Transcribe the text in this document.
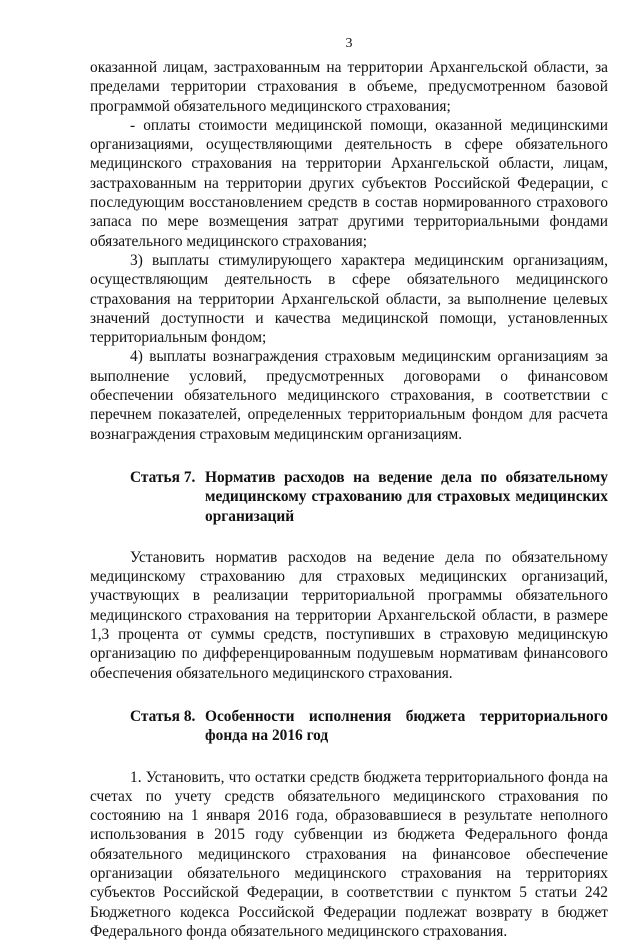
3

оказанной лицам, застрахованным на территории Архангельской области, за пределами территории страхования в объеме, предусмотренном базовой программой обязательного медицинского страхования;

- оплаты стоимости медицинской помощи, оказанной медицинскими организациями, осуществляющими деятельность в сфере обязательного медицинского страхования на территории Архангельской области, лицам, застрахованным на территории других субъектов Российской Федерации, с последующим восстановлением средств в состав нормированного страхового запаса по мере возмещения затрат другими территориальными фондами обязательного медицинского страхования;

3) выплаты стимулирующего характера медицинским организациям, осуществляющим деятельность в сфере обязательного медицинского страхования на территории Архангельской области, за выполнение целевых значений доступности и качества медицинской помощи, установленных территориальным фондом;

4) выплаты вознаграждения страховым медицинским организациям за выполнение условий, предусмотренных договорами о финансовом обеспечении обязательного медицинского страхования, в соответствии с перечнем показателей, определенных территориальным фондом для расчета вознаграждения страховым медицинским организациям.

Статья 7. Норматив расходов на ведение дела по обязательному медицинскому страхованию для страховых медицинских организаций

Установить норматив расходов на ведение дела по обязательному медицинскому страхованию для страховых медицинских организаций, участвующих в реализации территориальной программы обязательного медицинского страхования на территории Архангельской области, в размере 1,3 процента от суммы средств, поступивших в страховую медицинскую организацию по дифференцированным подушевым нормативам финансового обеспечения обязательного медицинского страхования.

Статья 8. Особенности исполнения бюджета территориального фонда на 2016 год

1. Установить, что остатки средств бюджета территориального фонда на счетах по учету средств обязательного медицинского страхования по состоянию на 1 января 2016 года, образовавшиеся в результате неполного использования в 2015 году субвенции из бюджета Федерального фонда обязательного медицинского страхования на финансовое обеспечение организации обязательного медицинского страхования на территориях субъектов Российской Федерации, в соответствии с пунктом 5 статьи 242 Бюджетного кодекса Российской Федерации подлежат возврату в бюджет Федерального фонда обязательного медицинского страхования.
